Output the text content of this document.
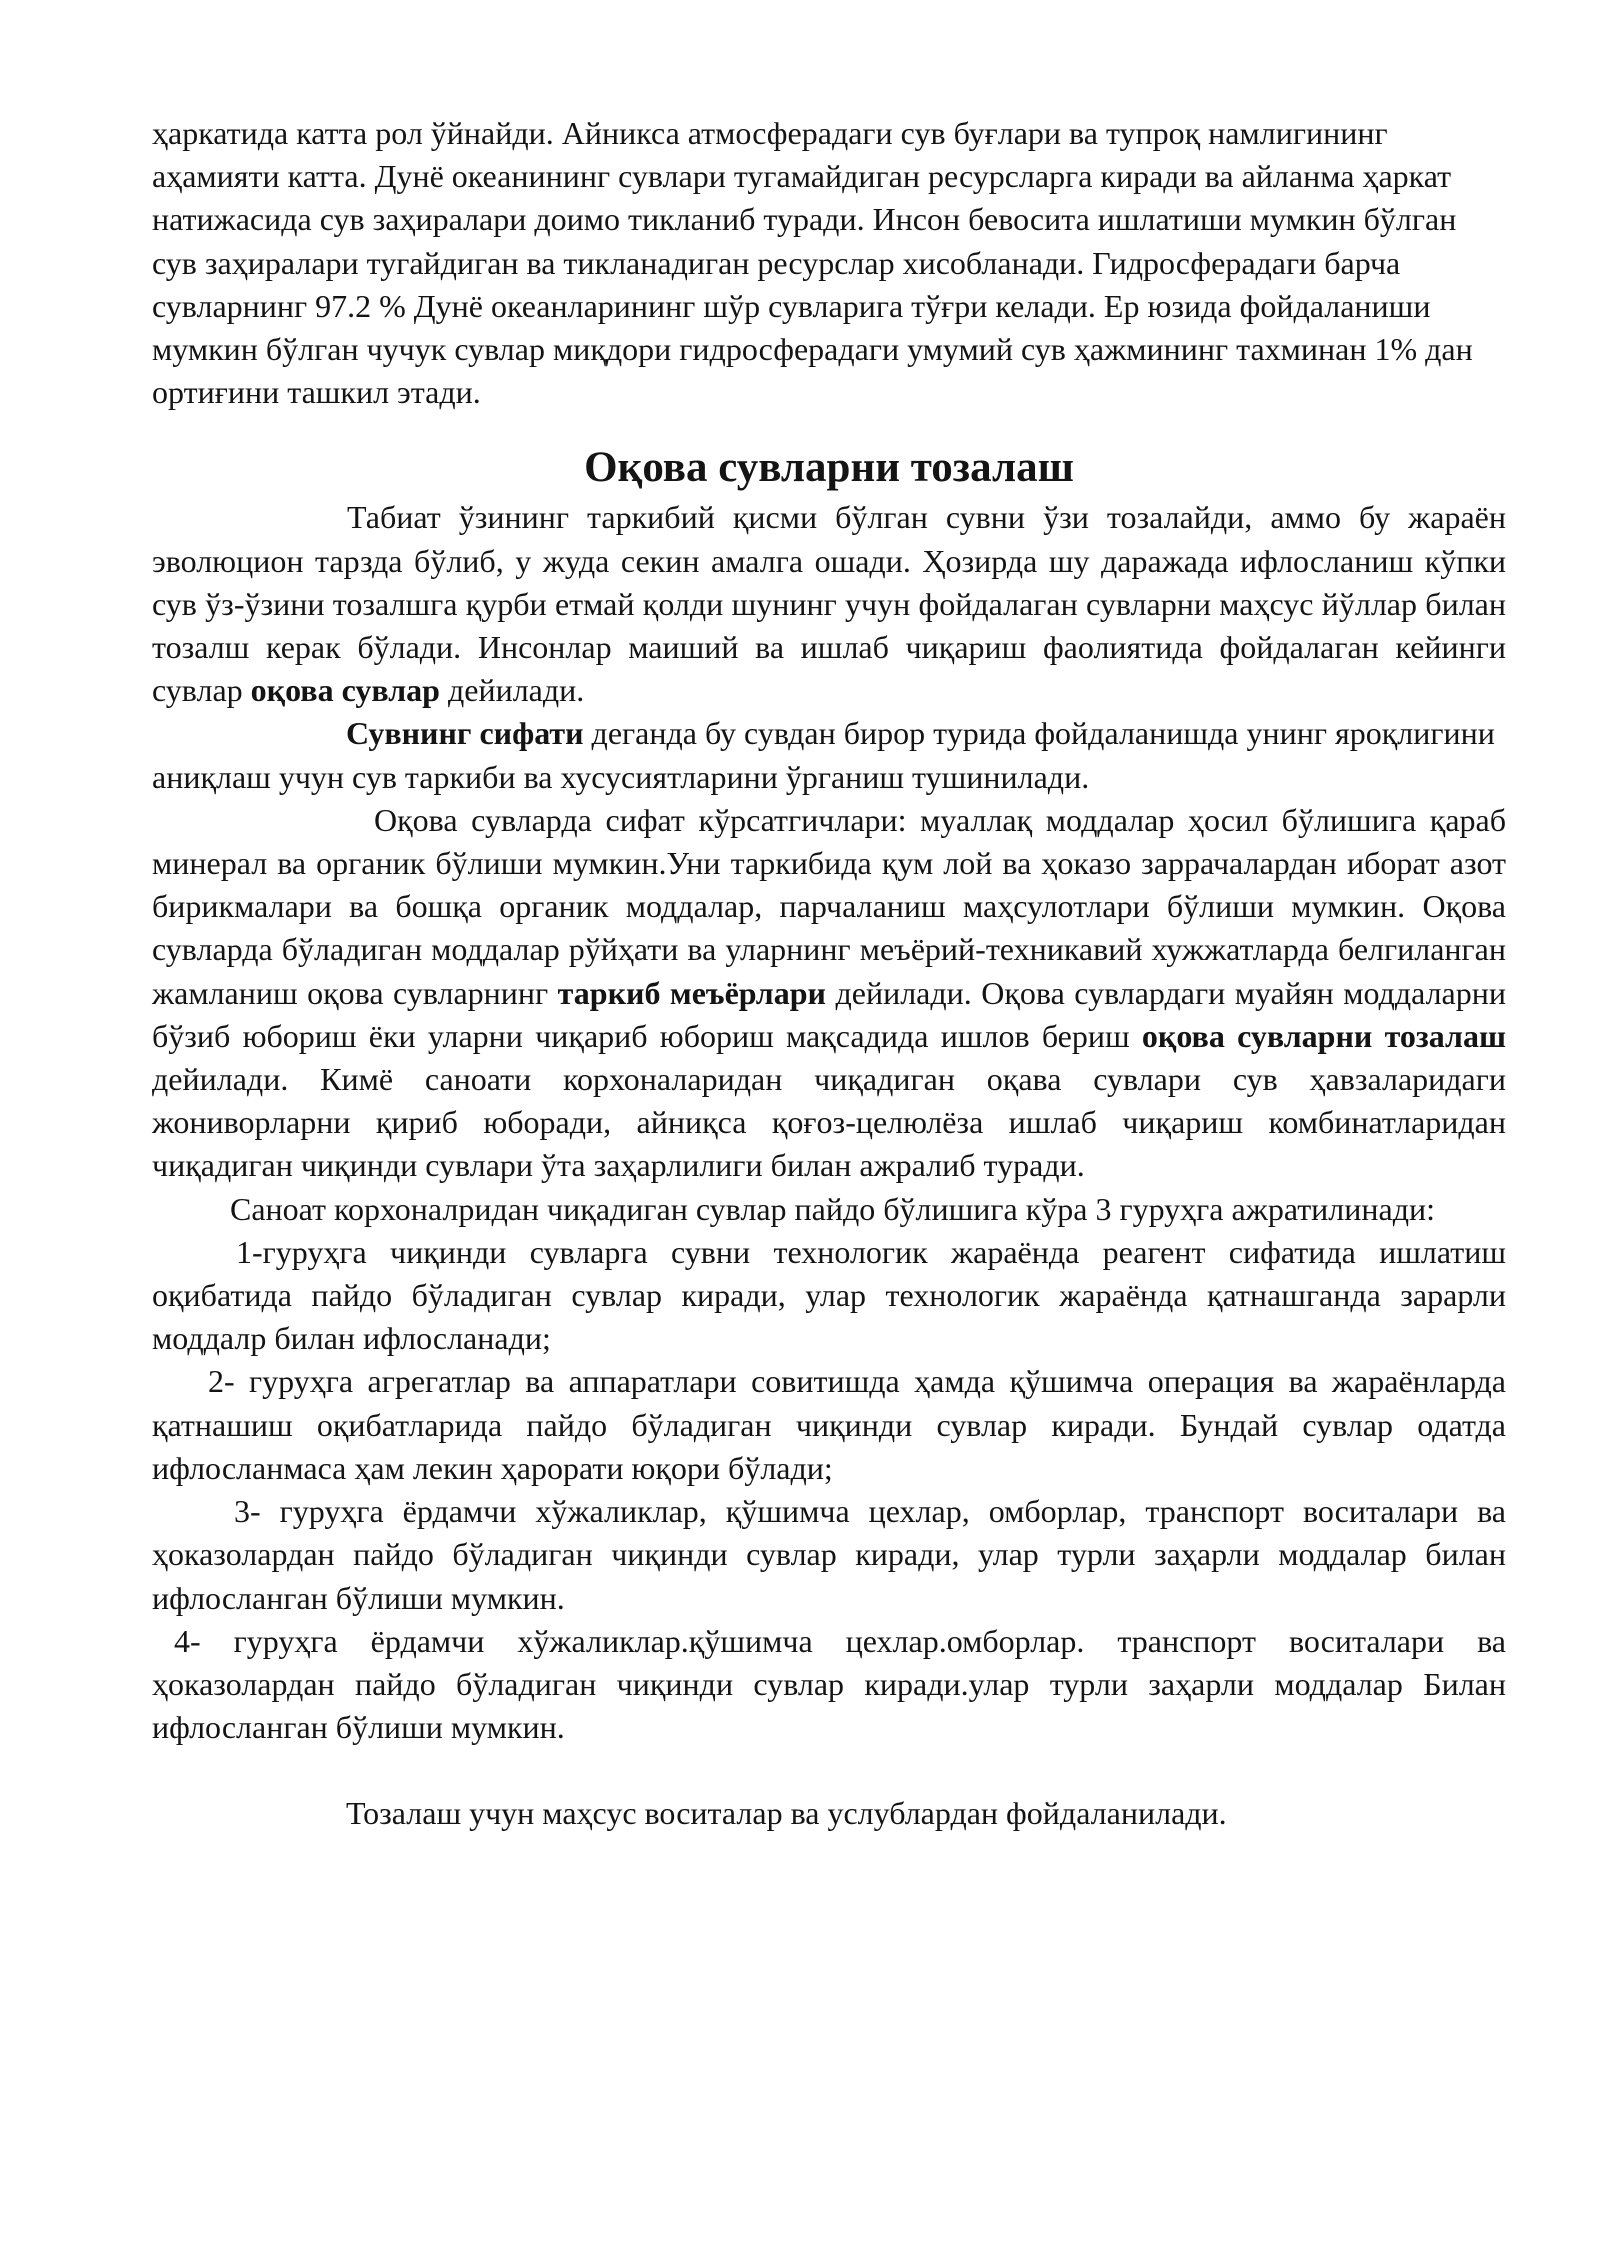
ҳаркатида катта рол ўйнайди. Айникса атмосферадаги сув буғлари ва тупроқ намлигининг аҳамияти катта. Дунё океанининг сувлари тугамайдиган ресурсларга киради ва айланма ҳаркат натижасида сув заҳиралари доимо тикланиб туради. Инсон бевосита ишлатиши мумкин бўлган сув заҳиралари тугайдиган ва тикланадиган ресурслар хисобланади. Гидросферадаги барча сувларнинг 97.2 % Дунё океанларининг шўр сувларига тўғри келади. Ер юзида фойдаланиши мумкин бўлган чучук сувлар миқдори гидросферадаги умумий сув ҳажмининг тахминан 1% дан ортиғини ташкил этади.

Оқова сувларни тозалаш

Табиат ўзининг таркибий қисми бўлган сувни ўзи тозалайди, аммо бу жараён эволюцион тарзда бўлиб, у жуда секин амалга ошади. Ҳозирда шу даражада ифлосланиш кўпки сув ўз-ўзини тозалшга қурби етмай қолди шунинг учун фойдалаган сувларни маҳсус йўллар билан тозалш керак бўлади. Инсонлар маиший ва ишлаб чиқариш фаолиятида фойдалаган кейинги сувлар оқова сувлар дейилади.

Сувнинг сифати деганда бу сувдан бирор турида фойдаланишда унинг яроқлигини аниқлаш учун сув таркиби ва хусусиятларини ўрганиш тушинилади.

Оқова сувларда сифат кўрсатгичлари: муаллақ моддалар ҳосил бўлишига қараб минерал ва органик бўлиши мумкин.Уни таркибида қум лой ва ҳоказо заррачалардан иборат азот бирикмалари ва бошқа органик моддалар, парчаланиш маҳсулотлари бўлиши мумкин. Оқова сувларда бўладиган моддалар рўйҳати ва уларнинг меъёрий-техникавий хужжатларда белгиланган жамланиш оқова сувларнинг таркиб меъёрлари дейилади. Оқова сувлардаги муайян моддаларни бўзиб юбориш ёки уларни чиқариб юбориш мақсадида ишлов бериш оқова сувларни тозалаш дейилади. Кимё саноати корхоналаридан чиқадиган оқава сувлари сув ҳавзаларидаги жониворларни қириб юборади, айниқса қоғоз-целюлёза ишлаб чиқариш комбинатларидан чиқадиган чиқинди сувлари ўта заҳарлилиги билан ажралиб туради.

Саноат корхоналридан чиқадиган сувлар пайдо бўлишига кўра 3 гуруҳга ажратилинади:

1-гуруҳга чиқинди сувларга сувни технологик жараёнда реагент сифатида ишлатиш оқибатида пайдо бўладиган сувлар киради, улар технологик жараёнда қатнашганда зарарли моддалр билан ифлосланади;

2- гуруҳга агрегатлар ва аппаратлари совитишда ҳамда қўшимча операция ва жараёнларда қатнашиш оқибатларида пайдо бўладиган чиқинди сувлар киради. Бундай сувлар одатда ифлосланмаса ҳам лекин ҳарорати юқори бўлади;

3- гуруҳга ёрдамчи хўжаликлар, қўшимча цехлар, омборлар, транспорт воситалари ва ҳоказолардан пайдо бўладиган чиқинди сувлар киради, улар турли заҳарли моддалар билан ифлосланган бўлиши мумкин.

4- гуруҳга ёрдамчи хўжаликлар.қўшимча цехлар.омборлар. транспорт воситалари ва ҳоказолардан пайдо бўладиган чиқинди сувлар киради.улар турли заҳарли моддалар Билан ифлосланган бўлиши мумкин.

Тозалаш учун маҳсус воситалар ва услублардан фойдаланилади.
